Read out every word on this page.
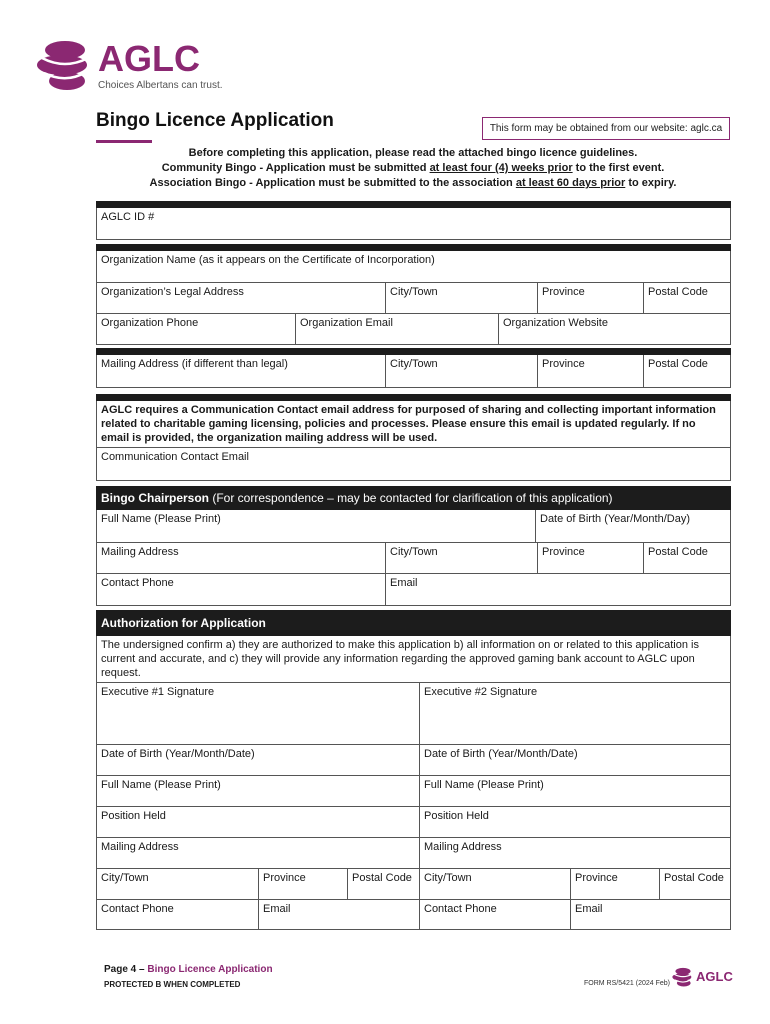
AGLC
Choices Albertans can trust.
Bingo Licence Application	This form may be obtained from our website: aglc.ca
Before completing this application, please read the attached bingo licence guidelines.
Community Bingo - Application must be submitted at least four (4) weeks prior to the first event.
Association Bingo - Application must be submitted to the association at least 60 days prior to expiry.
AGLC ID #
Organization Name (as it appears on the Certificate of Incorporation)
Organization’s Legal Address	City/Town	Province	Postal Code
Organization Phone	Organization Email	Organization Website
Mailing Address (if different than legal)	City/Town	Province	Postal Code
AGLC requires a Communication Contact email address for purposed of sharing and collecting important information related to charitable gaming licensing, policies and processes. Please ensure this email is updated regularly. If no email is provided, the organization mailing address will be used.
Communication Contact Email
Bingo Chairperson (For correspondence – may be contacted for clarification of this application)
Full Name (Please Print)	Date of Birth (Year/Month/Day)
Mailing Address	City/Town	Province	Postal Code
Contact Phone	Email
Authorization for Application
The undersigned confirm a) they are authorized to make this application b) all information on or related to this application is current and accurate, and c) they will provide any information regarding the approved gaming bank account to AGLC upon request.
Executive #1 Signature	Executive #2 Signature
Date of Birth (Year/Month/Date)	Date of Birth (Year/Month/Date)
Full Name (Please Print)	Full Name (Please Print)
Position Held	Position Held
Mailing Address	Mailing Address
City/Town	Province	Postal Code	City/Town	Province	Postal Code
Contact Phone	Email	Contact Phone	Email
Page 4 – Bingo Licence Application
PROTECTED B WHEN COMPLETED	FORM RS/5421 (2024 Feb) AGLC
